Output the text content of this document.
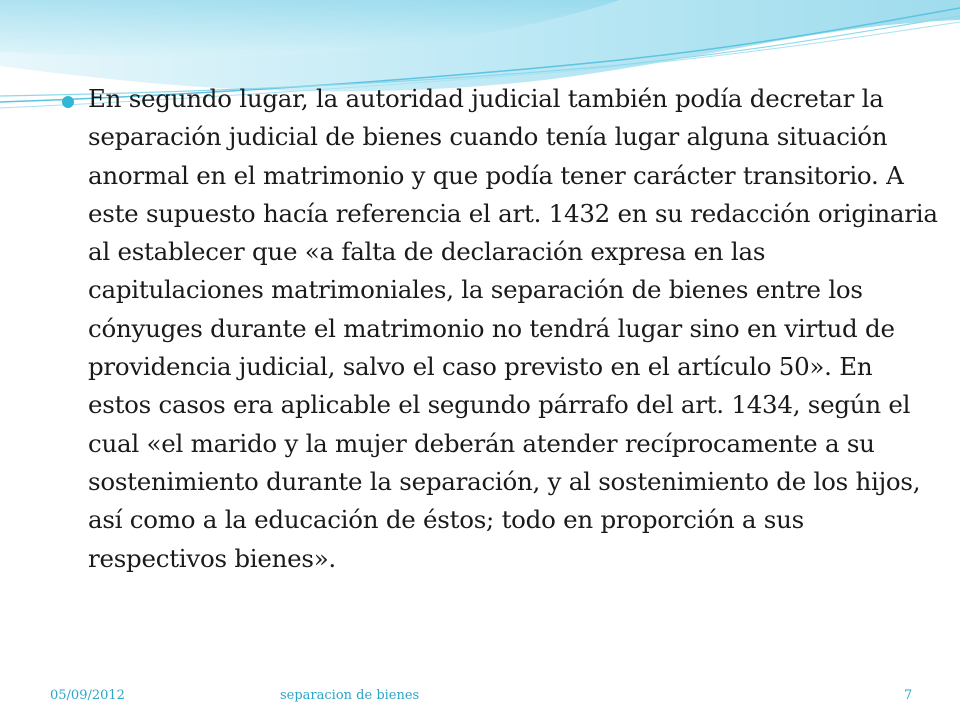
En segundo lugar, la autoridad judicial también podía decretar la separación judicial de bienes cuando tenía lugar alguna situación anormal en el matrimonio y que podía tener carácter transitorio. A este supuesto hacía referencia el art. 1432 en su redacción originaria al establecer que «a falta de declaración expresa en las capitulaciones matrimoniales, la separación de bienes entre los cónyuges durante el matrimonio no tendrá lugar sino en virtud de providencia judicial, salvo el caso previsto en el artículo 50». En estos casos era aplicable el segundo párrafo del art. 1434, según el cual «el marido y la mujer deberán atender recíprocamente a su sostenimiento durante la separación, y al sostenimiento de los hijos, así como a la educación de éstos; todo en proporción a sus respectivos bienes».

05/09/2012	separacion de bienes	7
